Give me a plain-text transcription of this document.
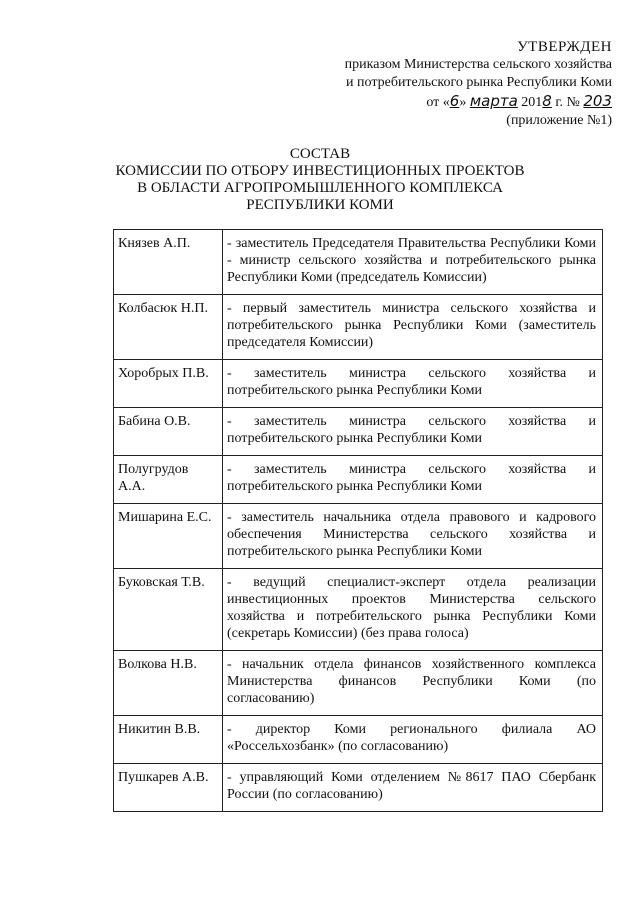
УТВЕРЖДЕН
приказом Министерства сельского хозяйства
и потребительского рынка Республики Коми
от «6» марта 2018 г. № 203
(приложение №1)
СОСТАВ
КОМИССИИ ПО ОТБОРУ ИНВЕСТИЦИОННЫХ ПРОЕКТОВ
В ОБЛАСТИ АГРОПРОМЫШЛЕННОГО КОМПЛЕКСА
РЕСПУБЛИКИ КОМИ
Князев А.П.	- заместитель Председателя Правительства Республики Коми - министр сельского хозяйства и потребительского рынка Республики Коми (председатель Комиссии)
Колбасюк Н.П.	- первый заместитель министра сельского хозяйства и потребительского рынка Республики Коми (заместитель председателя Комиссии)
Хоробрых П.В.	- заместитель министра сельского хозяйства и потребительского рынка Республики Коми
Бабина О.В.	- заместитель министра сельского хозяйства и потребительского рынка Республики Коми
Полугрудов А.А.	- заместитель министра сельского хозяйства и потребительского рынка Республики Коми
Мишарина Е.С.	- заместитель начальника отдела правового и кадрового обеспечения Министерства сельского хозяйства и потребительского рынка Республики Коми
Буковская Т.В.	- ведущий специалист-эксперт отдела реализации инвестиционных проектов Министерства сельского хозяйства и потребительского рынка Республики Коми (секретарь Комиссии) (без права голоса)
Волкова Н.В.	- начальник отдела финансов хозяйственного комплекса Министерства финансов Республики Коми (по согласованию)
Никитин В.В.	- директор Коми регионального филиала АО «Россельхозбанк» (по согласованию)
Пушкарев А.В.	- управляющий Коми отделением №8617 ПАО Сбербанк России (по согласованию)
